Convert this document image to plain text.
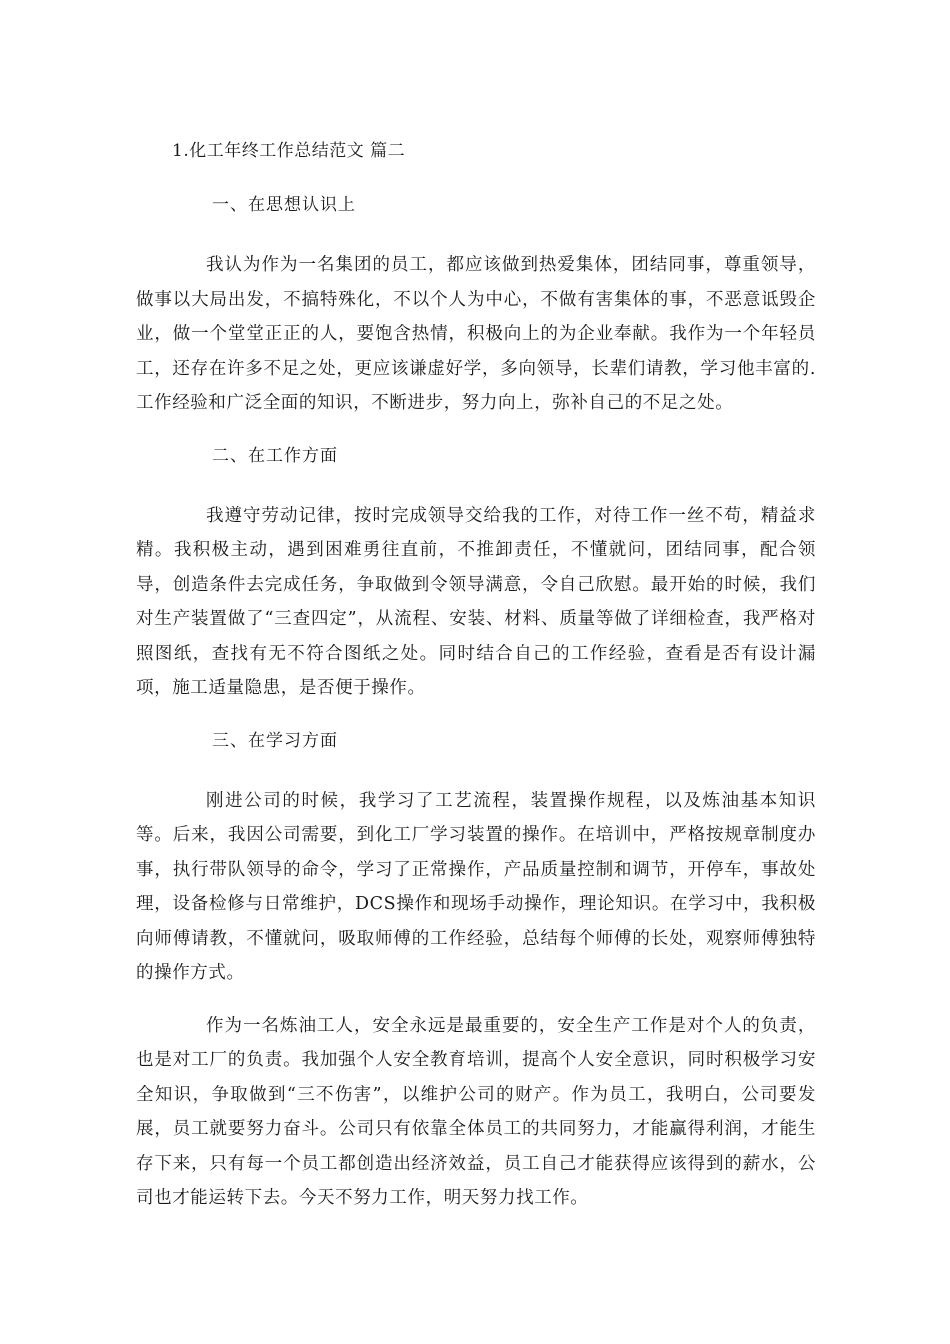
1.化工年终工作总结范文 篇二
一、在思想认识上

我认为作为一名集团的员工，都应该做到热爱集体，团结同事，尊重领导，做事以大局出发，不搞特殊化，不以个人为中心，不做有害集体的事，不恶意诋毁企业，做一个堂堂正正的人，要饱含热情，积极向上的为企业奉献。我作为一个年轻员工，还存在许多不足之处，更应该谦虚好学，多向领导，长辈们请教，学习他丰富的.工作经验和广泛全面的知识，不断进步，努力向上，弥补自己的不足之处。

二、在工作方面

我遵守劳动记律，按时完成领导交给我的工作，对待工作一丝不苟，精益求精。我积极主动，遇到困难勇往直前，不推卸责任，不懂就问，团结同事，配合领导，创造条件去完成任务，争取做到令领导满意，令自己欣慰。最开始的时候，我们对生产装置做了“三查四定”，从流程、安装、材料、质量等做了详细检查，我严格对照图纸，查找有无不符合图纸之处。同时结合自己的工作经验，查看是否有设计漏项，施工适量隐患，是否便于操作。

三、在学习方面

刚进公司的时候，我学习了工艺流程，装置操作规程，以及炼油基本知识等。后来，我因公司需要，到化工厂学习装置的操作。在培训中，严格按规章制度办事，执行带队领导的命令，学习了正常操作，产品质量控制和调节，开停车，事故处理，设备检修与日常维护，DCS操作和现场手动操作，理论知识。在学习中，我积极向师傅请教，不懂就问，吸取师傅的工作经验，总结每个师傅的长处，观察师傅独特的操作方式。

作为一名炼油工人，安全永远是最重要的，安全生产工作是对个人的负责，也是对工厂的负责。我加强个人安全教育培训，提高个人安全意识，同时积极学习安全知识，争取做到“三不伤害”，以维护公司的财产。作为员工，我明白，公司要发展，员工就要努力奋斗。公司只有依靠全体员工的共同努力，才能赢得利润，才能生存下来，只有每一个员工都创造出经济效益，员工自己才能获得应该得到的薪水，公司也才能运转下去。今天不努力工作，明天努力找工作。
